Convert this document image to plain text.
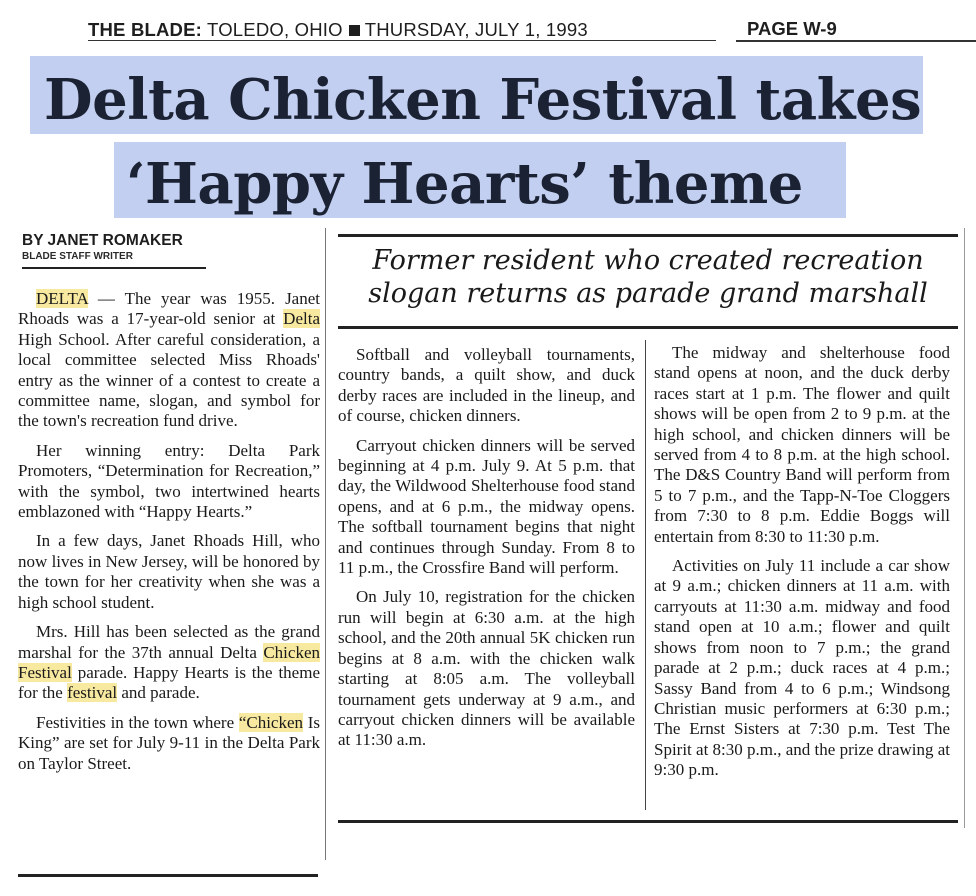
THE BLADE: TOLEDO, OHIO THURSDAY, JULY 1, 1993	PAGE W-9
Delta Chicken Festival takes
‘Happy Hearts’ theme
BY JANET ROMAKER
BLADE STAFF WRITER

DELTA — The year was 1955. Janet Rhoads was a 17-year-old senior at Delta High School. After careful consideration, a local committee selected Miss Rhoads' entry as the winner of a contest to create a committee name, slogan, and symbol for the town's recreation fund drive.

Her winning entry: Delta Park Promoters, “Determination for Recreation,” with the symbol, two intertwined hearts emblazoned with “Happy Hearts.”

In a few days, Janet Rhoads Hill, who now lives in New Jersey, will be honored by the town for her creativity when she was a high school student.

Mrs. Hill has been selected as the grand marshal for the 37th annual Delta Chicken Festival parade. Happy Hearts is the theme for the festival and parade.

Festivities in the town where “Chicken Is King” are set for July 9-11 in the Delta Park on Taylor Street.

Former resident who created recreation
slogan returns as parade grand marshall

Softball and volleyball tournaments, country bands, a quilt show, and duck derby races are included in the lineup, and of course, chicken dinners.

Carryout chicken dinners will be served beginning at 4 p.m. July 9. At 5 p.m. that day, the Wildwood Shelterhouse food stand opens, and at 6 p.m., the midway opens. The softball tournament begins that night and continues through Sunday. From 8 to 11 p.m., the Crossfire Band will perform.

On July 10, registration for the chicken run will begin at 6:30 a.m. at the high school, and the 20th annual 5K chicken run begins at 8 a.m. with the chicken walk starting at 8:05 a.m. The volleyball tournament gets underway at 9 a.m., and carryout chicken dinners will be available at 11:30 a.m.

The midway and shelterhouse food stand opens at noon, and the duck derby races start at 1 p.m. The flower and quilt shows will be open from 2 to 9 p.m. at the high school, and chicken dinners will be served from 4 to 8 p.m. at the high school. The D&S Country Band will perform from 5 to 7 p.m., and the Tapp-N-Toe Cloggers from 7:30 to 8 p.m. Eddie Boggs will entertain from 8:30 to 11:30 p.m.

Activities on July 11 include a car show at 9 a.m.; chicken dinners at 11 a.m. with carryouts at 11:30 a.m. midway and food stand open at 10 a.m.; flower and quilt shows from noon to 7 p.m.; the grand parade at 2 p.m.; duck races at 4 p.m.; Sassy Band from 4 to 6 p.m.; Windsong Christian music performers at 6:30 p.m.; The Ernst Sisters at 7:30 p.m. Test The Spirit at 8:30 p.m., and the prize drawing at 9:30 p.m.
